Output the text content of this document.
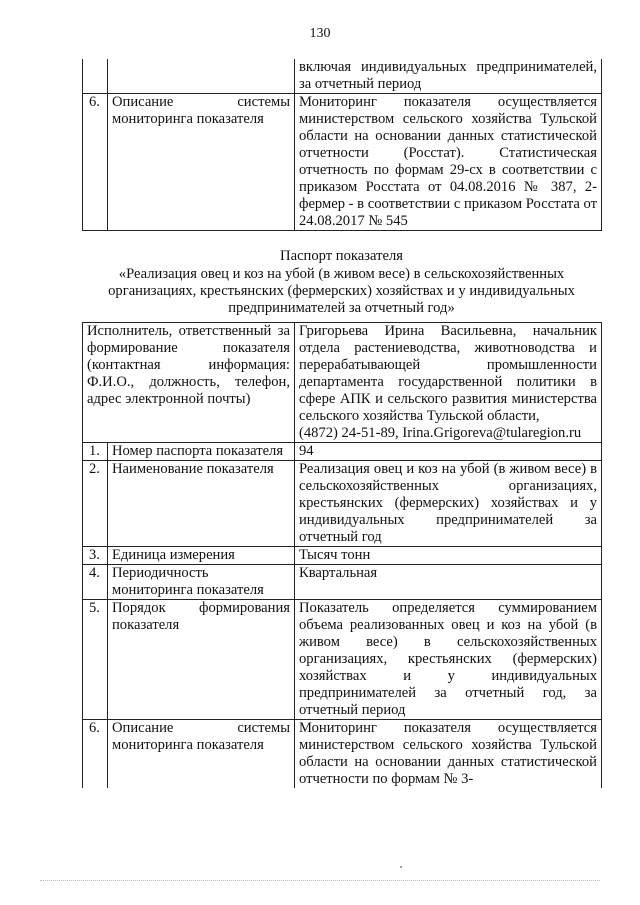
130
		включая индивидуальных предпринимателей, за отчетный период
6.	Описание системы мониторинга показателя	Мониторинг показателя осуществляется министерством сельского хозяйства Тульской области на основании данных статистической отчетности (Росстат). Статистическая отчетность по формам 29-сх в соответствии с приказом Росстата от 04.08.2016 № 387, 2-фермер - в соответствии с приказом Росстата от 24.08.2017 № 545
Паспорт показателя
«Реализация овец и коз на убой (в живом весе) в сельскохозяйственных организациях, крестьянских (фермерских) хозяйствах и у индивидуальных предпринимателей за отчетный год»
Исполнитель, ответственный за формирование показателя (контактная информация: Ф.И.О., должность, телефон, адрес электронной почты)		Григорьева Ирина Васильевна, начальник отдела растениеводства, животноводства и перерабатывающей промышленности департамента государственной политики в сфере АПК и сельского развития министерства сельского хозяйства Тульской области,
(4872) 24-51-89, Irina.Grigoreva@tularegion.ru
1.	Номер паспорта показателя	94
2.	Наименование показателя	Реализация овец и коз на убой (в живом весе) в сельскохозяйственных организациях, крестьянских (фермерских) хозяйствах и у индивидуальных предпринимателей за отчетный год
3.	Единица измерения	Тысяч тонн
4.	Периодичность мониторинга показателя	Квартальная
5.	Порядок формирования показателя	Показатель определяется суммированием объема реализованных овец и коз на убой (в живом весе) в сельскохозяйственных организациях, крестьянских (фермерских) хозяйствах и у индивидуальных предпринимателей за отчетный год, за отчетный период
6.	Описание системы мониторинга показателя	Мониторинг показателя осуществляется министерством сельского хозяйства Тульской области на основании данных статистической отчетности по формам № 3-
